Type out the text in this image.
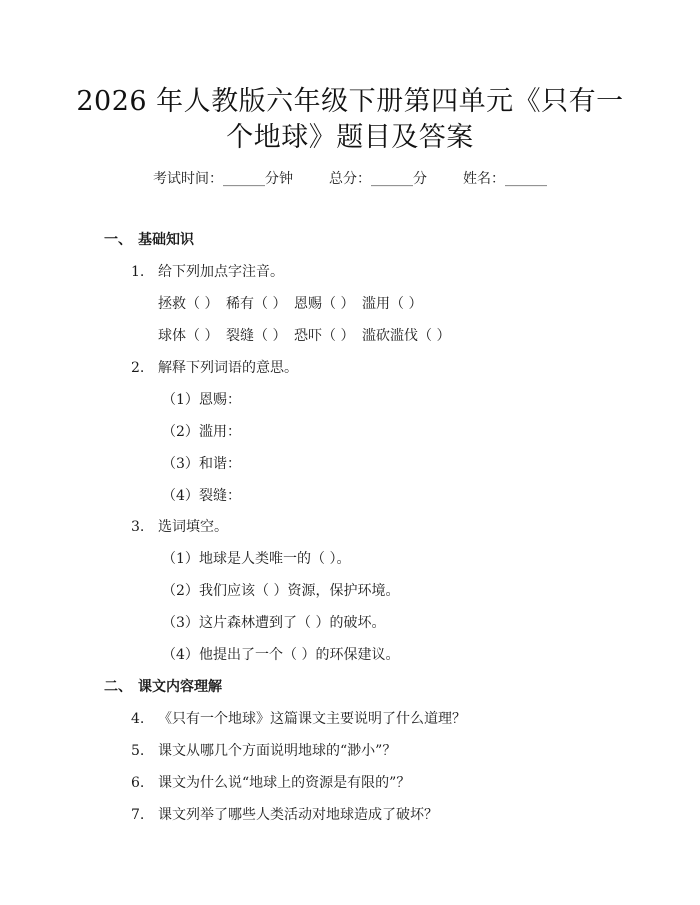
2026 年人教版六年级下册第四单元《只有一
个地球》题目及答案
考试时间：______分钟	总分：______分	姓名：______
一、 基础知识
1. 给下列加点字注音。
拯救（ ） 稀有（ ） 恩赐（ ） 滥用（ ）
球体（ ） 裂缝（ ） 恐吓（ ） 滥砍滥伐（ ）
2. 解释下列词语的意思。
（1）恩赐：
（2）滥用：
（3）和谐：
（4）裂缝：
3. 选词填空。
（1）地球是人类唯一的（ ）。
（2）我们应该（ ）资源，保护环境。
（3）这片森林遭到了（ ）的破坏。
（4）他提出了一个（ ）的环保建议。
二、 课文内容理解
4. 《只有一个地球》这篇课文主要说明了什么道理？
5. 课文从哪几个方面说明地球的“渺小”？
6. 课文为什么说“地球上的资源是有限的”？
7. 课文列举了哪些人类活动对地球造成了破坏？
